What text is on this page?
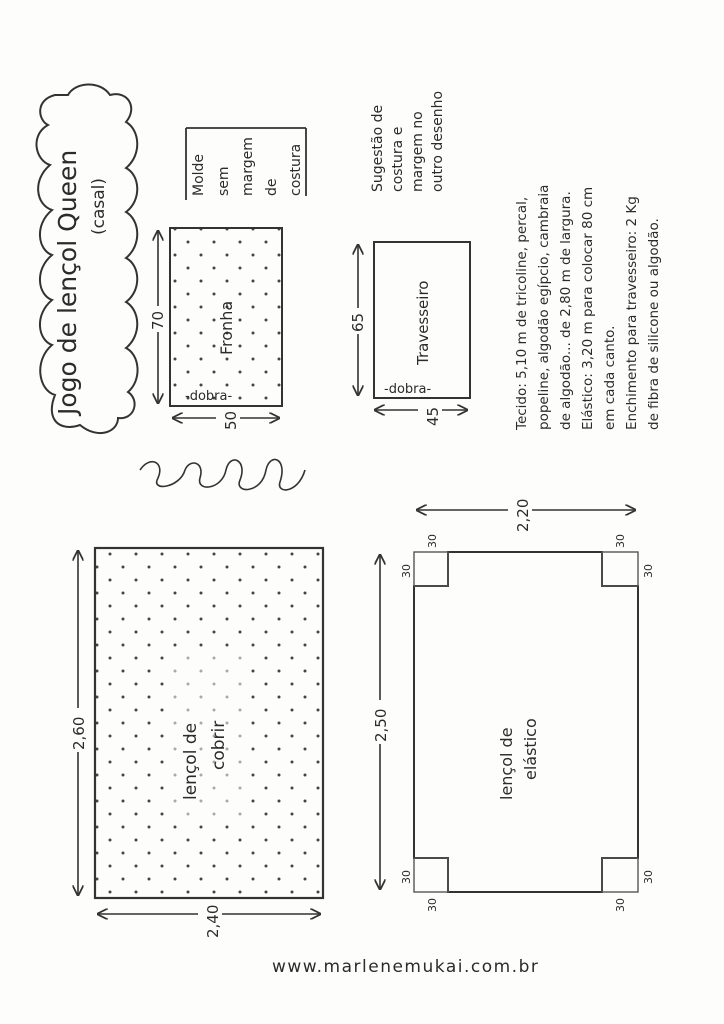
Jogo de lençol Queen (casal)
Molde sem margem de costura	Sugestão de costura e margem no outro desenho
Fronha
-dobra-
70
50
Travesseiro
-dobra-
65
45	Tecido: 5,10 m de tricoline, percal, popeline, algodão egípcio, cambraia de algodão... de 2,80 m de largura. Elástico: 3,20 m para colocar 80 cm em cada canto. Enchimento para travesseiro: 2 Kg de fibra de silicone ou algodão.
Marlene Mukai
lençol de cobrir
2,60
2,40
lençol de elástico
2,50
2,20
30
30
30
30
30
30
30
30
www.marlenemukai.com.br
